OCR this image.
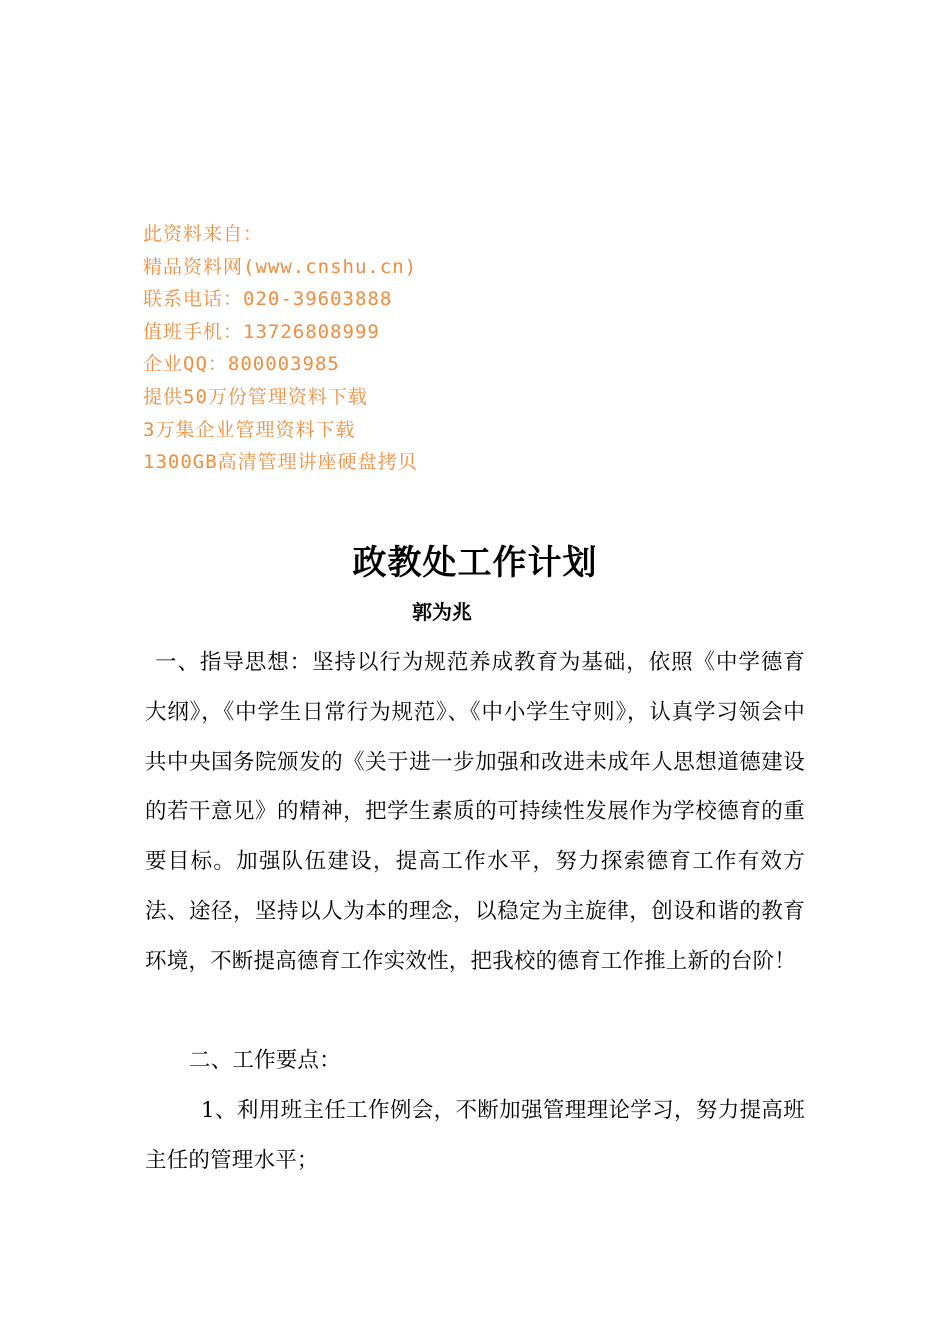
此资料来自：
精品资料网(www.cnshu.cn)
联系电话：020-39603888
值班手机：13726808999
企业QQ：800003985
提供50万份管理资料下载
3万集企业管理资料下载
1300GB高清管理讲座硬盘拷贝
政教处工作计划
郭为兆
一、指导思想：坚持以行为规范养成教育为基础，依照《中学德育大纲》，《中学生日常行为规范》、《中小学生守则》，认真学习领会中共中央国务院颁发的《关于进一步加强和改进未成年人思想道德建设的若干意见》的精神，把学生素质的可持续性发展作为学校德育的重要目标。加强队伍建设，提高工作水平，努力探索德育工作有效方法、途径，坚持以人为本的理念，以稳定为主旋律，创设和谐的教育环境，不断提高德育工作实效性，把我校的德育工作推上新的台阶！
二、工作要点：
1、利用班主任工作例会，不断加强管理理论学习，努力提高班主任的管理水平；
